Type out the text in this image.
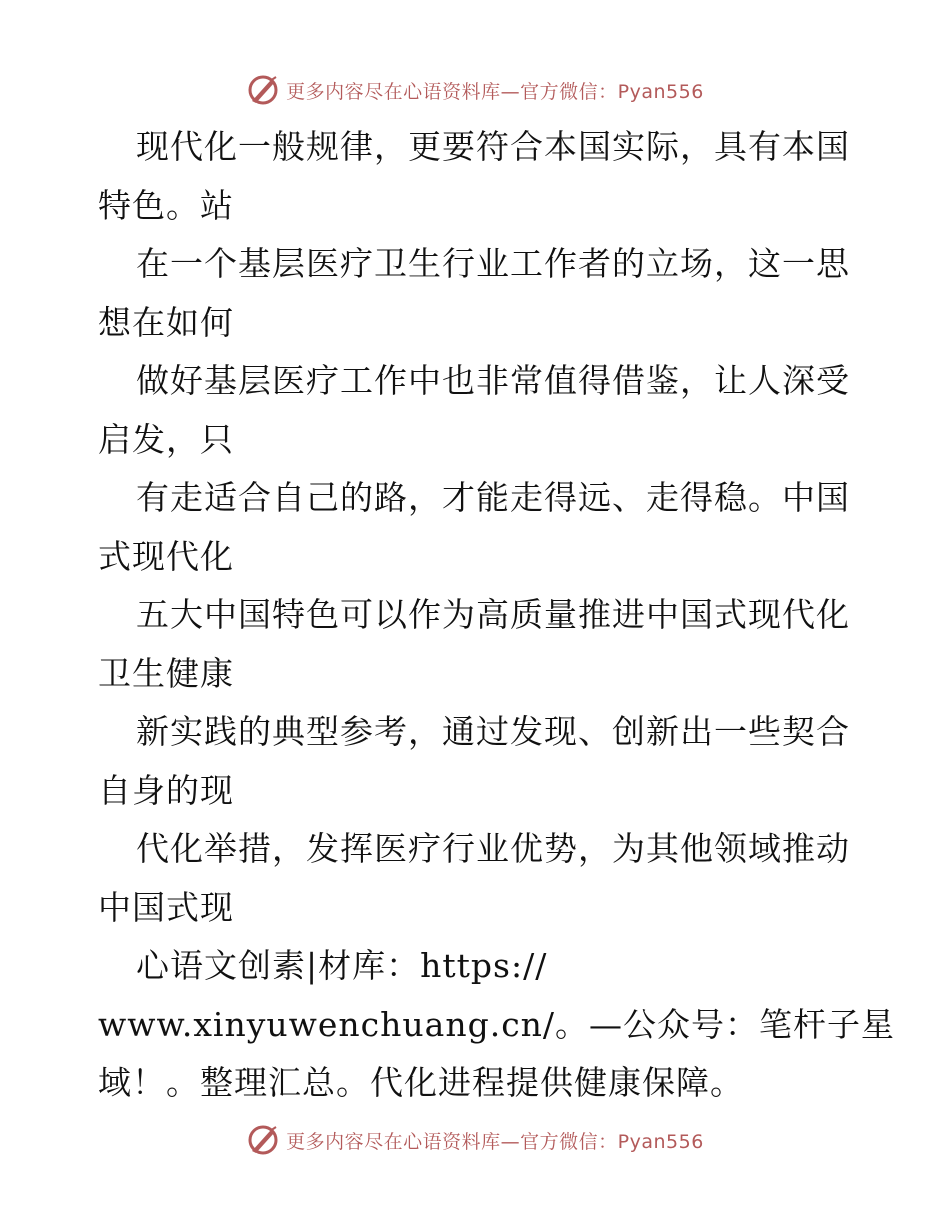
更多内容尽在心语资料库—官方微信：Pyan556
现代化一般规律，更要符合本国实际，具有本国
特色。站
在一个基层医疗卫生行业工作者的立场，这一思
想在如何
做好基层医疗工作中也非常值得借鉴，让人深受
启发，只
有走适合自己的路，才能走得远、走得稳。中国
式现代化
五大中国特色可以作为高质量推进中国式现代化
卫生健康
新实践的典型参考，通过发现、创新出一些契合
自身的现
代化举措，发挥医疗行业优势，为其他领域推动
中国式现
心语文创素|材库：https://
www.xinyuwenchuang.cn/。—公众号：笔杆子星
域！。整理汇总。代化进程提供健康保障。
更多内容尽在心语资料库—官方微信：Pyan556
